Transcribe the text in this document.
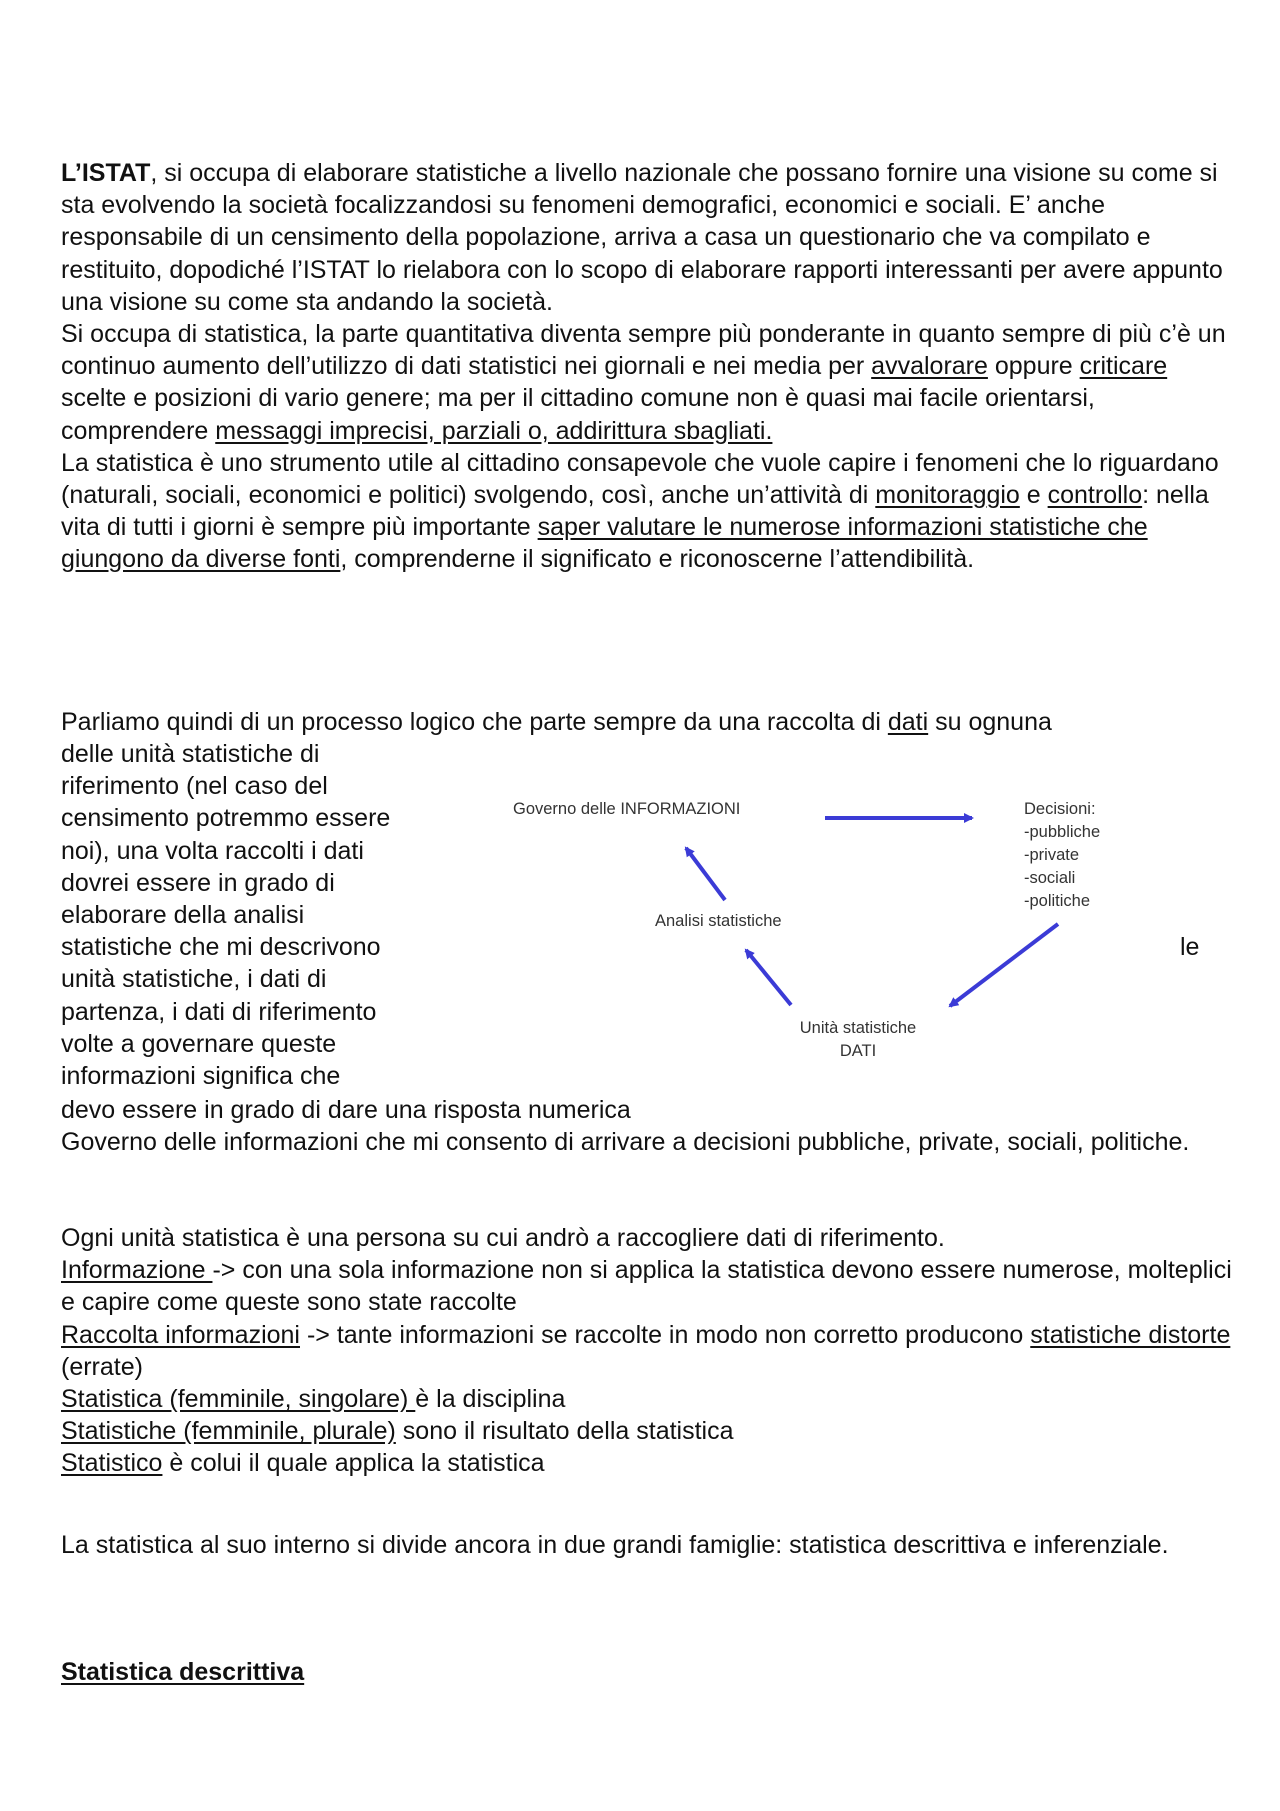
L’ISTAT, si occupa di elaborare statistiche a livello nazionale che possano fornire una visione su come si sta evolvendo la società focalizzandosi su fenomeni demografici, economici e sociali. E’ anche responsabile di un censimento della popolazione, arriva a casa un questionario che va compilato e restituito, dopodiché l’ISTAT lo rielabora con lo scopo di elaborare rapporti interessanti per avere appunto una visione su come sta andando la società.
Si occupa di statistica, la parte quantitativa diventa sempre più ponderante in quanto sempre di più c’è un continuo aumento dell’utilizzo di dati statistici nei giornali e nei media per avvalorare oppure criticare scelte e posizioni di vario genere; ma per il cittadino comune non è quasi mai facile orientarsi, comprendere messaggi imprecisi, parziali o, addirittura sbagliati.
La statistica è uno strumento utile al cittadino consapevole che vuole capire i fenomeni che lo riguardano (naturali, sociali, economici e politici) svolgendo, così, anche un’attività di monitoraggio e controllo: nella vita di tutti i giorni è sempre più importante saper valutare le numerose informazioni statistiche che giungono da diverse fonti, comprenderne il significato e riconoscerne l’attendibilità.

Parliamo quindi di un processo logico che parte sempre da una raccolta di dati su ognuna

delle unità statistiche di
riferimento (nel caso del
censimento potremmo essere
noi), una volta raccolti i dati
dovrei essere in grado di
elaborare della analisi
statistiche che mi descrivono
unità statistiche, i dati di
partenza, i dati di riferimento
volte a governare queste
informazioni significa che
le
Governo delle INFORMAZIONI	Decisioni:
-pubbliche
-private
-sociali
-politiche
Analisi statistiche
Unità statistiche
DATI

devo essere in grado di dare una risposta numerica
Governo delle informazioni che mi consento di arrivare a decisioni pubbliche, private, sociali, politiche.

Ogni unità statistica è una persona su cui andrò a raccogliere dati di riferimento.
Informazione -> con una sola informazione non si applica la statistica devono essere numerose, molteplici e capire come queste sono state raccolte
Raccolta informazioni -> tante informazioni se raccolte in modo non corretto producono statistiche distorte (errate)
Statistica (femminile, singolare) è la disciplina
Statistiche (femminile, plurale) sono il risultato della statistica
Statistico è colui il quale applica la statistica

La statistica al suo interno si divide ancora in due grandi famiglie: statistica descrittiva e inferenziale.

Statistica descrittiva
